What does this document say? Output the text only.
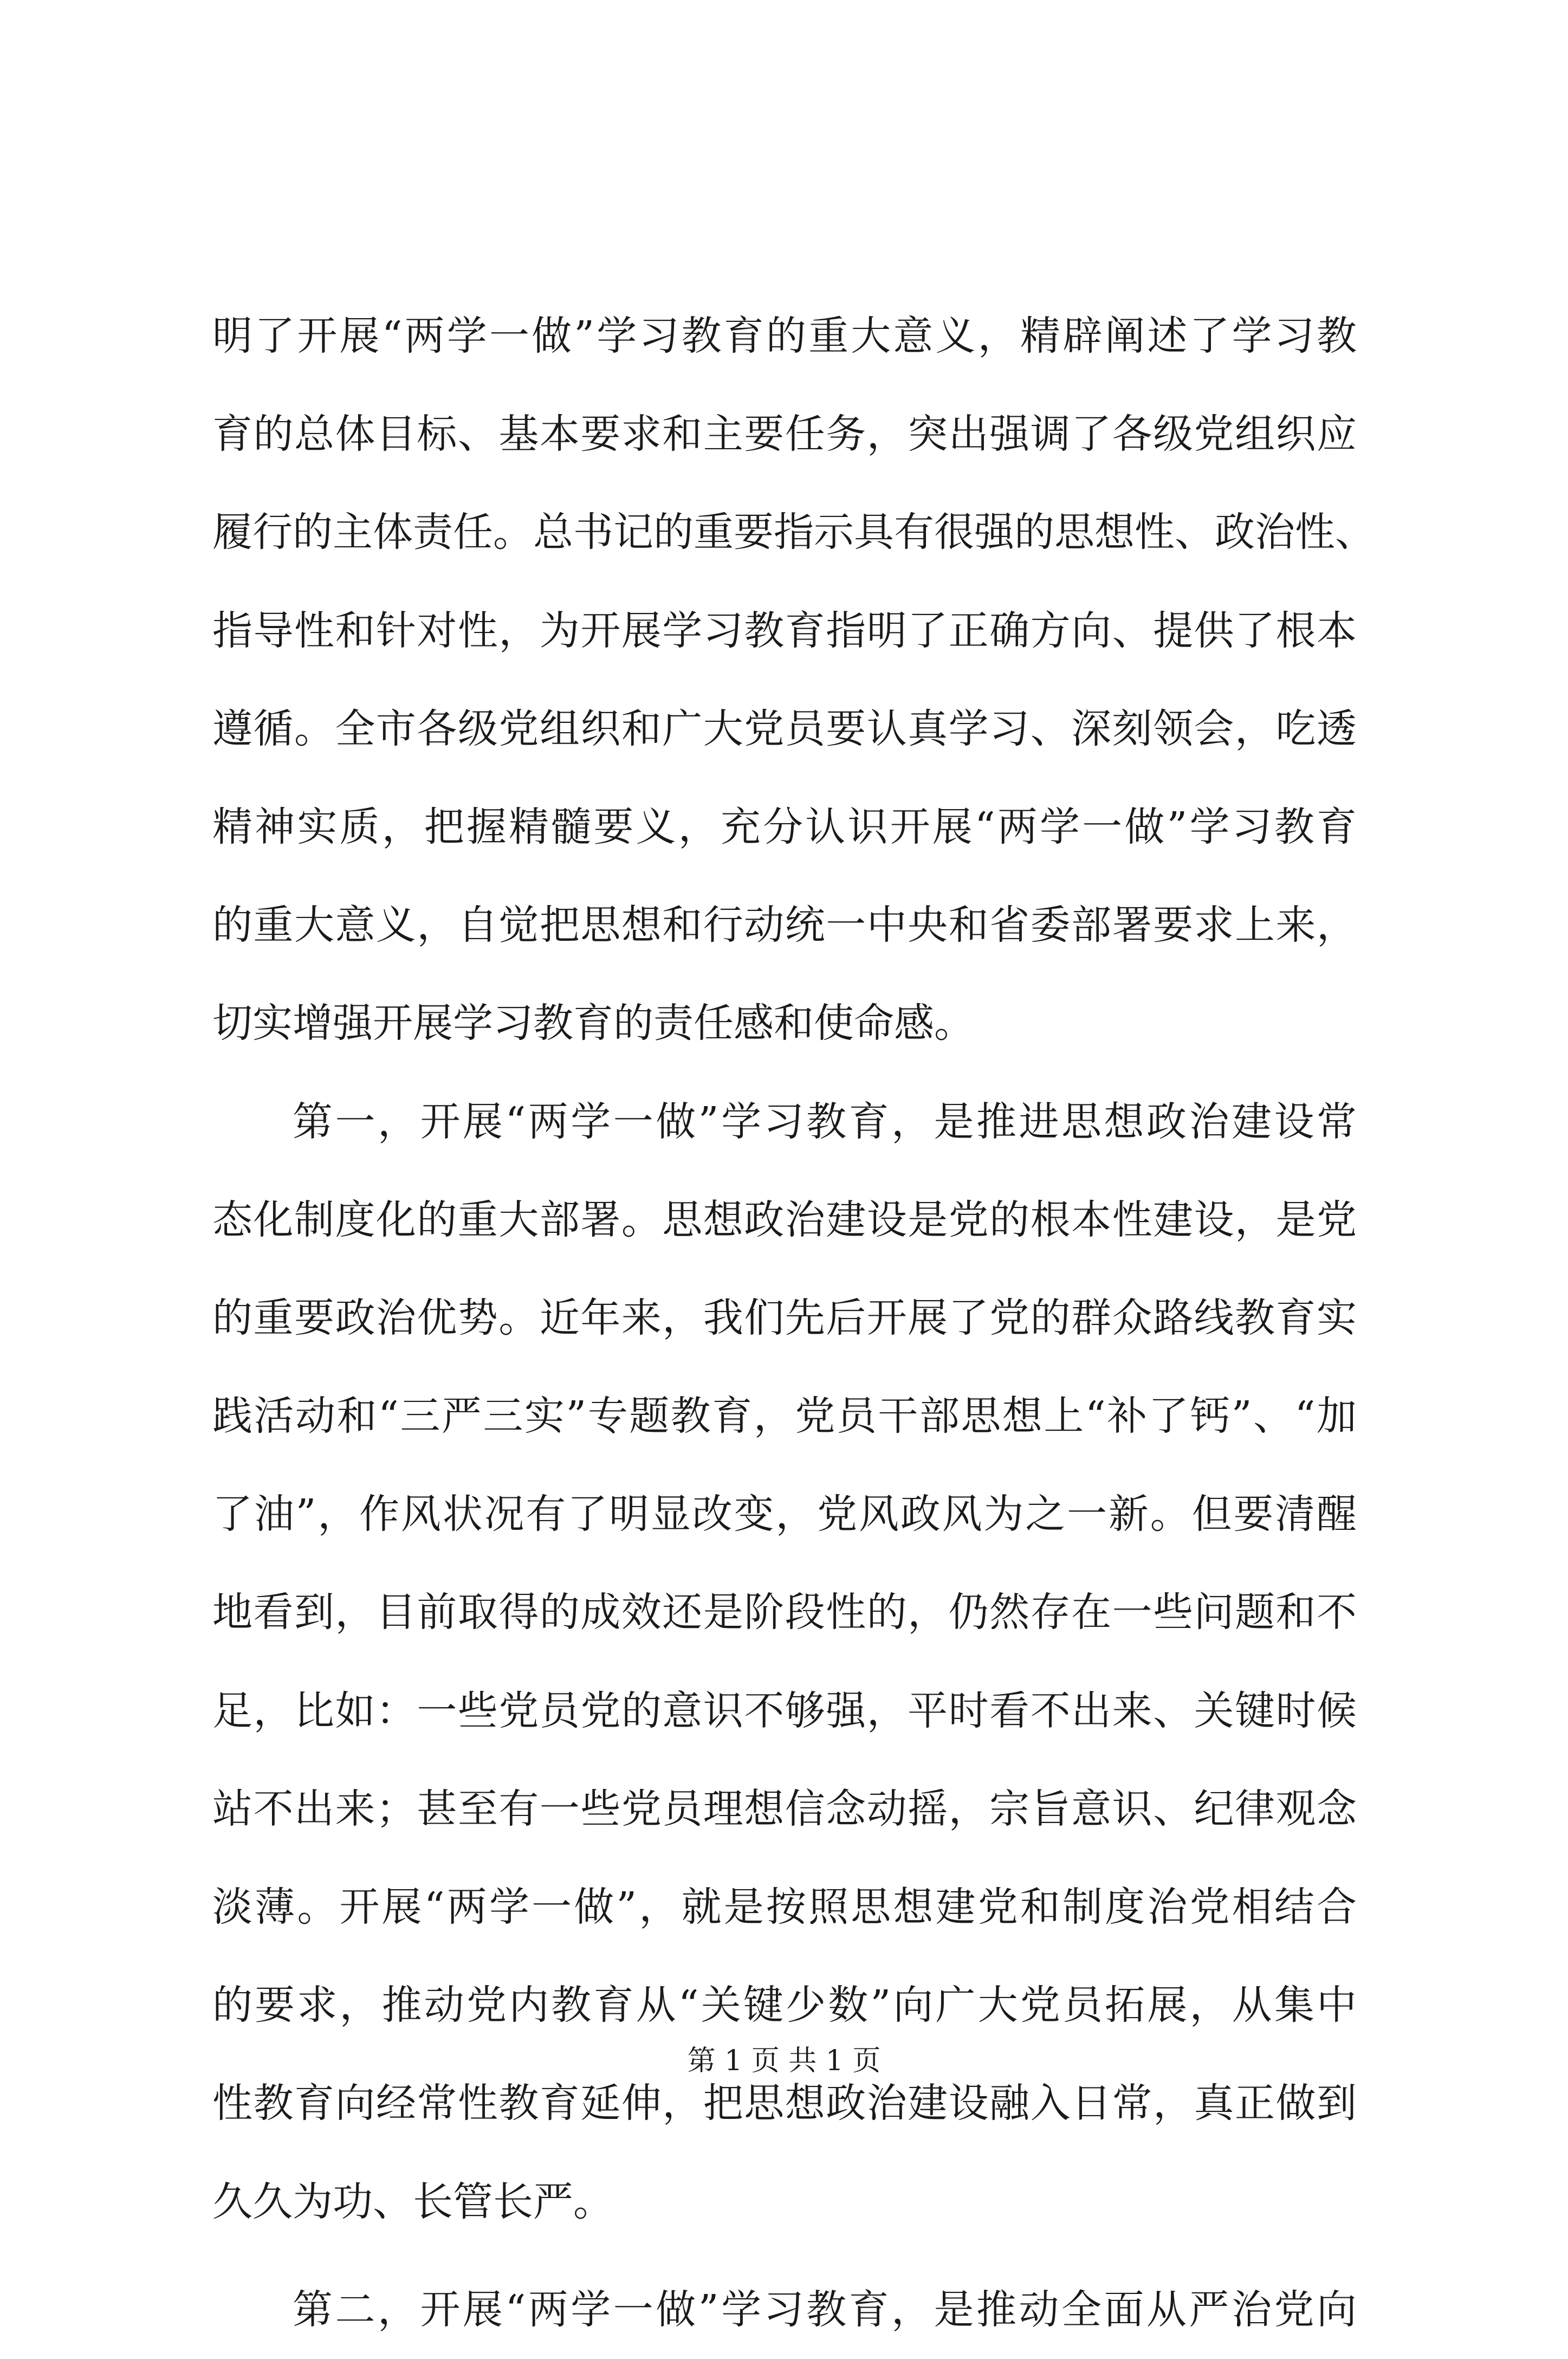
明了开展“两学一做”学习教育的重大意义，精辟阐述了学习教
育的总体目标、基本要求和主要任务，突出强调了各级党组织应
履行的主体责任。总书记的重要指示具有很强的思想性、政治性、
指导性和针对性，为开展学习教育指明了正确方向、提供了根本
遵循。全市各级党组织和广大党员要认真学习、深刻领会，吃透
精神实质，把握精髓要义，充分认识开展“两学一做”学习教育
的重大意义，自觉把思想和行动统一中央和省委部署要求上来，
切实增强开展学习教育的责任感和使命感。
第一，开展“两学一做”学习教育，是推进思想政治建设常
态化制度化的重大部署。思想政治建设是党的根本性建设，是党
的重要政治优势。近年来，我们先后开展了党的群众路线教育实
践活动和“三严三实”专题教育，党员干部思想上“补了钙”、“加
了油”，作风状况有了明显改变，党风政风为之一新。但要清醒
地看到，目前取得的成效还是阶段性的，仍然存在一些问题和不
足，比如：一些党员党的意识不够强，平时看不出来、关键时候
站不出来；甚至有一些党员理想信念动摇，宗旨意识、纪律观念
淡薄。开展“两学一做”，就是按照思想建党和制度治党相结合
的要求，推动党内教育从“关键少数”向广大党员拓展，从集中
性教育向经常性教育延伸，把思想政治建设融入日常，真正做到
久久为功、长管长严。
第二，开展“两学一做”学习教育，是推动全面从严治党向
第 1 页 共 1 页
